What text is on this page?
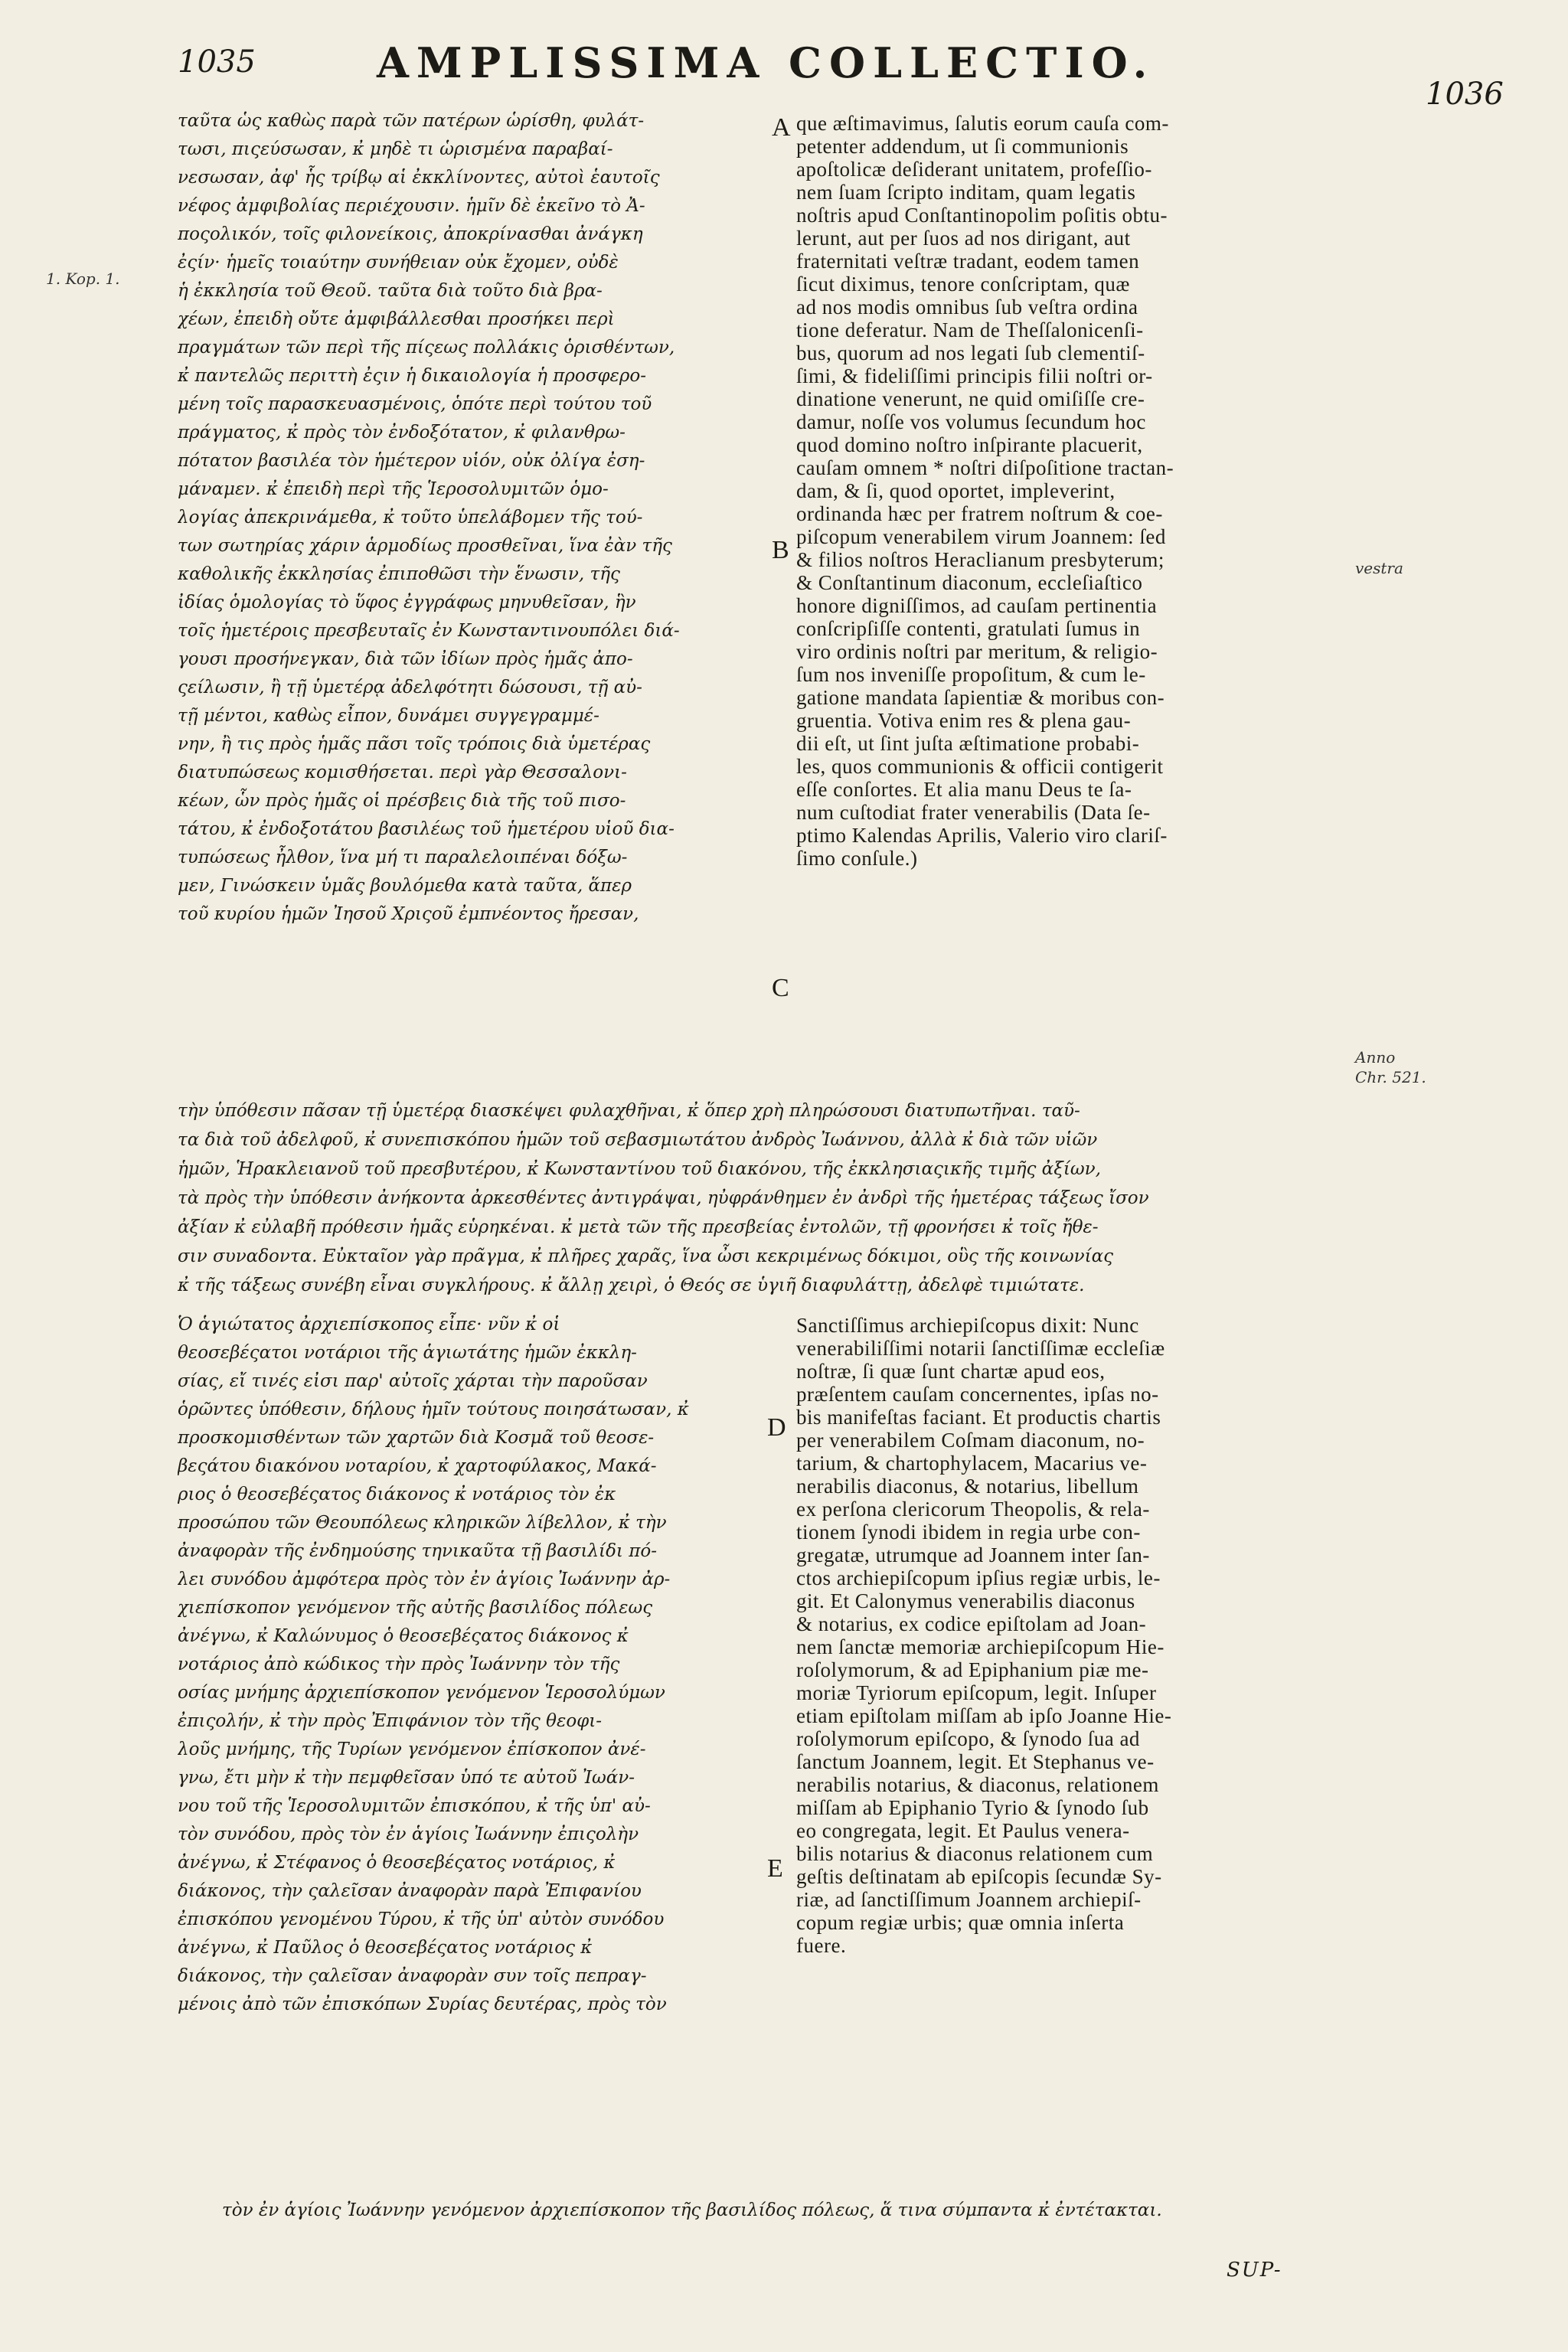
1035	AMPLISSIMA COLLECTIO.
1036
1. Kop. 1.
vestra
Anno Chr. 521.
A
B
C
D
E
ταῦτα ὡς καθὼς παρὰ τῶν πατέρων ὡρίσθη, φυλάτ-
τωσι, πιςεύσωσαν, κ̓ μηδὲ τι ὡρισμένα παραβαί-
νεσωσαν, ἀφ' ἧς τρίβῳ αἱ ἐκκλίνοντες, αὐτοὶ ἑαυτοῖς
νέφος ἀμφιβολίας περιέχουσιν. ἡμῖν δὲ ἐκεῖνο τὸ Ἀ-
ποςολικόν, τοῖς φιλονείκοις, ἀποκρίνασθαι ἀνάγκη
ἐςίν· ἡμεῖς τοιαύτην συνήθειαν οὐκ ἔχομεν, οὐδὲ
ἡ ἐκκλησία τοῦ Θεοῦ. ταῦτα διὰ τοῦτο διὰ βρα-
χέων, ἐπειδὴ οὔτε ἀμφιβάλλεσθαι προσήκει περὶ
πραγμάτων τῶν περὶ τῆς πίςεως πολλάκις ὁρισθέντων,
κ̓ παντελῶς περιττὴ ἐςιν ἡ δικαιολογία ἡ προσφερο-
μένη τοῖς παρασκευασμένοις, ὁπότε περὶ τούτου τοῦ
πράγματος, κ̓ πρὸς τὸν ἐνδοξότατον, κ̓ φιλανθρω-
πότατον βασιλέα τὸν ἡμέτερον υἱόν, οὐκ ὀλίγα ἐση-
μάναμεν. κ̓ ἐπειδὴ περὶ τῆς Ἱεροσολυμιτῶν ὁμο-
λογίας ἀπεκρινάμεθα, κ̓ τοῦτο ὑπελάβομεν τῆς τού-
των σωτηρίας χάριν ἁρμοδίως προσθεῖναι, ἵνα ἐὰν τῆς
καθολικῆς ἐκκλησίας ἐπιποθῶσι τὴν ἕνωσιν, τῆς
ἰδίας ὁμολογίας τὸ ὕφος ἐγγράφως μηνυθεῖσαν, ἣν
τοῖς ἡμετέροις πρεσβευταῖς ἐν Κωνσταντινουπόλει διά-
γουσι προσήνεγκαν, διὰ τῶν ἰδίων πρὸς ἡμᾶς ἀπο-
ςείλωσιν, ἢ τῇ ὑμετέρᾳ ἀδελφότητι δώσουσι, τῇ αὐ-
τῇ μέντοι, καθὼς εἶπον, δυνάμει συγγεγραμμέ-
νην, ἢ τις πρὸς ἡμᾶς πᾶσι τοῖς τρόποις διὰ ὑμετέρας
διατυπώσεως κομισθήσεται. περὶ γὰρ Θεσσαλονι-
κέων, ὧν πρὸς ἡμᾶς οἱ πρέσβεις διὰ τῆς τοῦ πισο-
τάτου, κ̓ ἐνδοξοτάτου βασιλέως τοῦ ἡμετέρου υἱοῦ δια-
τυπώσεως ἦλθον, ἵνα μή τι παραλελοιπέναι δόξω-
μεν, Γινώσκειν ὑμᾶς βουλόμεθα κατὰ ταῦτα, ἅπερ
τοῦ κυρίου ἡμῶν Ἰησοῦ Χριςοῦ ἐμπνέοντος ἤρεσαν,
que æſtimavimus, ſalutis eorum cauſa com-
petenter addendum, ut ſi communionis
apoſtolicæ deſiderant unitatem, profeſſio-
nem ſuam ſcripto inditam, quam legatis
noſtris apud Conſtantinopolim poſitis obtu-
lerunt, aut per ſuos ad nos dirigant, aut
fraternitati veſtræ tradant, eodem tamen
ſicut diximus, tenore conſcriptam, quæ
ad nos modis omnibus ſub veſtra ordina
tione deferatur. Nam de Theſſalonicenſi-
bus, quorum ad nos legati ſub clementiſ-
ſimi, & fideliſſimi principis filii noſtri or-
dinatione venerunt, ne quid omiſiſſe cre-
damur, noſſe vos volumus ſecundum hoc
quod domino noſtro inſpirante placuerit,
cauſam omnem * noſtri diſpoſitione tractan-
dam, & ſi, quod oportet, impleverint,
ordinanda hæc per fratrem noſtrum & coe-
piſcopum venerabilem virum Joannem: ſed
& filios noſtros Heraclianum presbyterum;
& Conſtantinum diaconum, eccleſiaſtico
honore digniſſimos, ad cauſam pertinentia
conſcripſiſſe contenti, gratulati ſumus in
viro ordinis noſtri par meritum, & religio-
ſum nos inveniſſe propoſitum, & cum le-
gatione mandata ſapientiæ & moribus con-
gruentia. Votiva enim res & plena gau-
dii eſt, ut ſint juſta æſtimatione probabi-
les, quos communionis & officii contigerit
eſſe conſortes. Et alia manu Deus te ſa-
num cuſtodiat frater venerabilis (Data ſe-
ptimo Kalendas Aprilis, Valerio viro clariſ-
ſimo conſule.)
τὴν ὑπόθεσιν πᾶσαν τῇ ὑμετέρᾳ διασκέψει φυλαχθῆναι, κ̓ ὅπερ χρὴ πληρώσουσι διατυπωτῆναι. ταῦ-
τα διὰ τοῦ ἀδελφοῦ, κ̓ συνεπισκόπου ἡμῶν τοῦ σεβασμιωτάτου ἀνδρὸς Ἰωάννου, ἀλλὰ κ̓ διὰ τῶν υἱῶν
ἡμῶν, Ἡρακλειανοῦ τοῦ πρεσβυτέρου, κ̓ Κωνσταντίνου τοῦ διακόνου, τῆς ἐκκλησιαςικῆς τιμῆς ἀξίων,
τὰ πρὸς τὴν ὑπόθεσιν ἀνήκοντα ἀρκεσθέντες ἀντιγράψαι, ηὐφράνθημεν ἐν ἀνδρὶ τῆς ἡμετέρας τάξεως ἴσον
ἀξίαν κ̓ εὐλαβῆ πρόθεσιν ἡμᾶς εὑρηκέναι. κ̓ μετὰ τῶν τῆς πρεσβείας ἐντολῶν, τῇ φρονήσει κ̓ τοῖς ἤθε-
σιν συναδοντα. Εὐκταῖον γὰρ πρᾶγμα, κ̓ πλῆρες χαρᾶς, ἵνα ὦσι κεκριμένως δόκιμοι, οὓς τῆς κοινωνίας
κ̓ τῆς τάξεως συνέβη εἶναι συγκλήρους. κ̓ ἄλλῃ χειρὶ, ὁ Θεός σε ὑγιῆ διαφυλάττῃ, ἀδελφὲ τιμιώτατε.
Ὁ ἁγιώτατος ἀρχιεπίσκοπος εἶπε· νῦν κ̓ οἱ
θεοσεβέςατοι νοτάριοι τῆς ἁγιωτάτης ἡμῶν ἐκκλη-
σίας, εἴ τινές εἰσι παρ' αὐτοῖς χάρται τὴν παροῦσαν
ὁρῶντες ὑπόθεσιν, δήλους ἡμῖν τούτους ποιησάτωσαν, κ̓
προσκομισθέντων τῶν χαρτῶν διὰ Κοσμᾶ τοῦ θεοσε-
βεςάτου διακόνου νοταρίου, κ̓ χαρτοφύλακος, Μακά-
ριος ὁ θεοσεβέςατος διάκονος κ̓ νοτάριος τὸν ἐκ
προσώπου τῶν Θεουπόλεως κληρικῶν λίβελλον, κ̓ τὴν
ἀναφορὰν τῆς ἐνδημούσης τηνικαῦτα τῇ βασιλίδι πό-
λει συνόδου ἀμφότερα πρὸς τὸν ἐν ἁγίοις Ἰωάννην ἀρ-
χιεπίσκοπον γενόμενον τῆς αὐτῆς βασιλίδος πόλεως
ἀνέγνω, κ̓ Καλώνυμος ὁ θεοσεβέςατος διάκονος κ̓
νοτάριος ἀπὸ κώδικος τὴν πρὸς Ἰωάννην τὸν τῆς
οσίας μνήμης ἀρχιεπίσκοπον γενόμενον Ἱεροσολύμων
ἐπιςολήν, κ̓ τὴν πρὸς Ἐπιφάνιον τὸν τῆς θεοφι-
λοῦς μνήμης, τῆς Τυρίων γενόμενον ἐπίσκοπον ἀνέ-
γνω, ἔτι μὴν κ̓ τὴν πεμφθεῖσαν ὑπό τε αὐτοῦ Ἰωάν-
νου τοῦ τῆς Ἱεροσολυμιτῶν ἐπισκόπου, κ̓ τῆς ὑπ' αὐ-
τὸν συνόδου, πρὸς τὸν ἐν ἁγίοις Ἰωάννην ἐπιςολὴν
ἀνέγνω, κ̓ Στέφανος ὁ θεοσεβέςατος νοτάριος, κ̓
διάκονος, τὴν ςαλεῖσαν ἀναφορὰν παρὰ Ἐπιφανίου
ἐπισκόπου γενομένου Τύρου, κ̓ τῆς ὑπ' αὐτὸν συνόδου
ἀνέγνω, κ̓ Παῦλος ὁ θεοσεβέςατος νοτάριος κ̓
διάκονος, τὴν ςαλεῖσαν ἀναφορὰν συν τοῖς πεπραγ-
μένοις ἀπὸ τῶν ἐπισκόπων Συρίας δευτέρας, πρὸς τὸν
Sanctiſſimus archiepiſcopus dixit: Nunc
venerabiliſſimi notarii ſanctiſſimæ eccleſiæ
noſtræ, ſi quæ ſunt chartæ apud eos,
præſentem cauſam concernentes, ipſas no-
bis manifeſtas faciant. Et productis chartis
per venerabilem Coſmam diaconum, no-
tarium, & chartophylacem, Macarius ve-
nerabilis diaconus, & notarius, libellum
ex perſona clericorum Theopolis, & rela-
tionem ſynodi ibidem in regia urbe con-
gregatæ, utrumque ad Joannem inter ſan-
ctos archiepiſcopum ipſius regiæ urbis, le-
git. Et Calonymus venerabilis diaconus
& notarius, ex codice epiſtolam ad Joan-
nem ſanctæ memoriæ archiepiſcopum Hie-
roſolymorum, & ad Epiphanium piæ me-
moriæ Tyriorum epiſcopum, legit. Inſuper
etiam epiſtolam miſſam ab ipſo Joanne Hie-
roſolymorum epiſcopo, & ſynodo ſua ad
ſanctum Joannem, legit. Et Stephanus ve-
nerabilis notarius, & diaconus, relationem
miſſam ab Epiphanio Tyrio & ſynodo ſub
eo congregata, legit. Et Paulus venera-
bilis notarius & diaconus relationem cum
geſtis deſtinatam ab epiſcopis ſecundæ Sy-
riæ, ad ſanctiſſimum Joannem archiepiſ-
copum regiæ urbis; quæ omnia inſerta
fuere.
τὸν ἐν ἁγίοις Ἰωάννην γενόμενον ἀρχιεπίσκοπον τῆς βασιλίδος πόλεως, ἅ τινα σύμπαντα κ̓ ἐντέτακται.
SUP-
